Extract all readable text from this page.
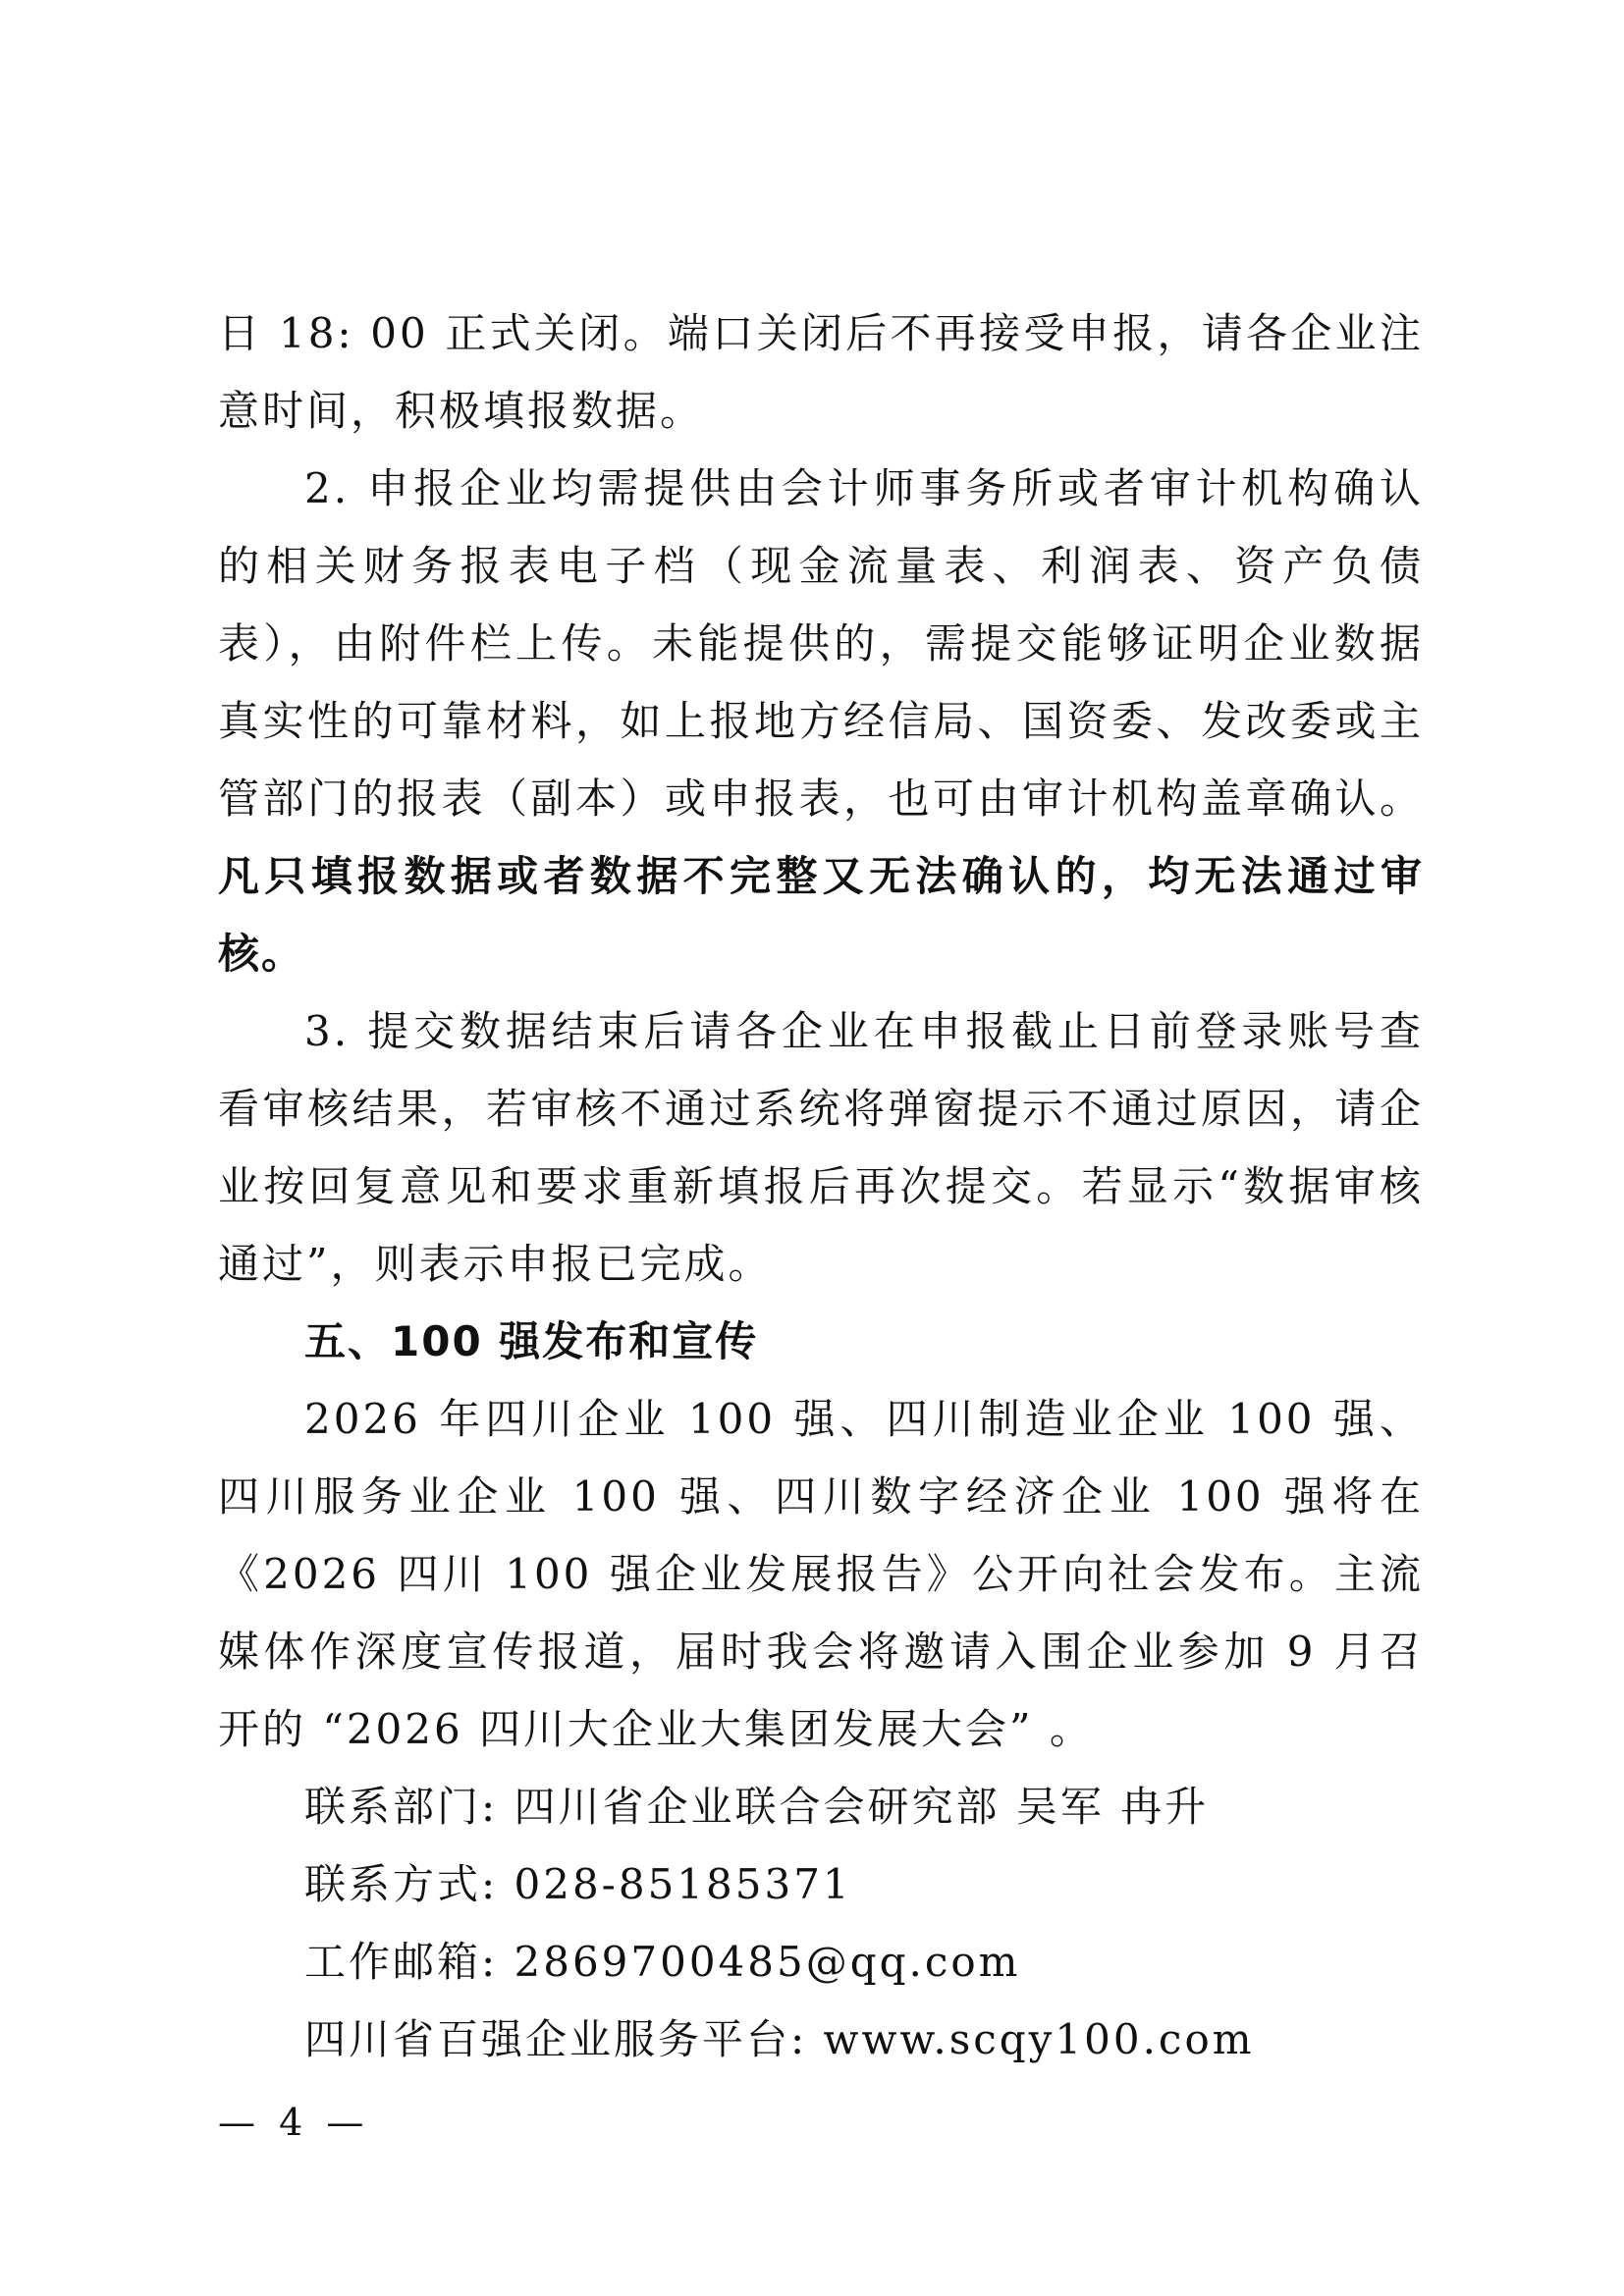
日 18: 00 正式关闭。端口关闭后不再接受申报，请各企业注意时间，积极填报数据。

2. 申报企业均需提供由会计师事务所或者审计机构确认的相关财务报表电子档（现金流量表、利润表、资产负债表），由附件栏上传。未能提供的，需提交能够证明企业数据真实性的可靠材料，如上报地方经信局、国资委、发改委或主管部门的报表（副本）或申报表，也可由审计机构盖章确认。凡只填报数据或者数据不完整又无法确认的，均无法通过审核。

3. 提交数据结束后请各企业在申报截止日前登录账号查看审核结果，若审核不通过系统将弹窗提示不通过原因，请企业按回复意见和要求重新填报后再次提交。若显示“数据审核通过”，则表示申报已完成。

五、100 强发布和宣传

2026 年四川企业 100 强、四川制造业企业 100 强、四川服务业企业 100 强、四川数字经济企业 100 强将在《2026 四川 100 强企业发展报告》公开向社会发布。主流媒体作深度宣传报道，届时我会将邀请入围企业参加 9 月召开的 “2026 四川大企业大集团发展大会” 。

联系部门: 四川省企业联合会研究部 吴军 冉升

联系方式: 028-85185371

工作邮箱: 2869700485@qq.com

四川省百强企业服务平台: www.scqy100.com

— 4 —
